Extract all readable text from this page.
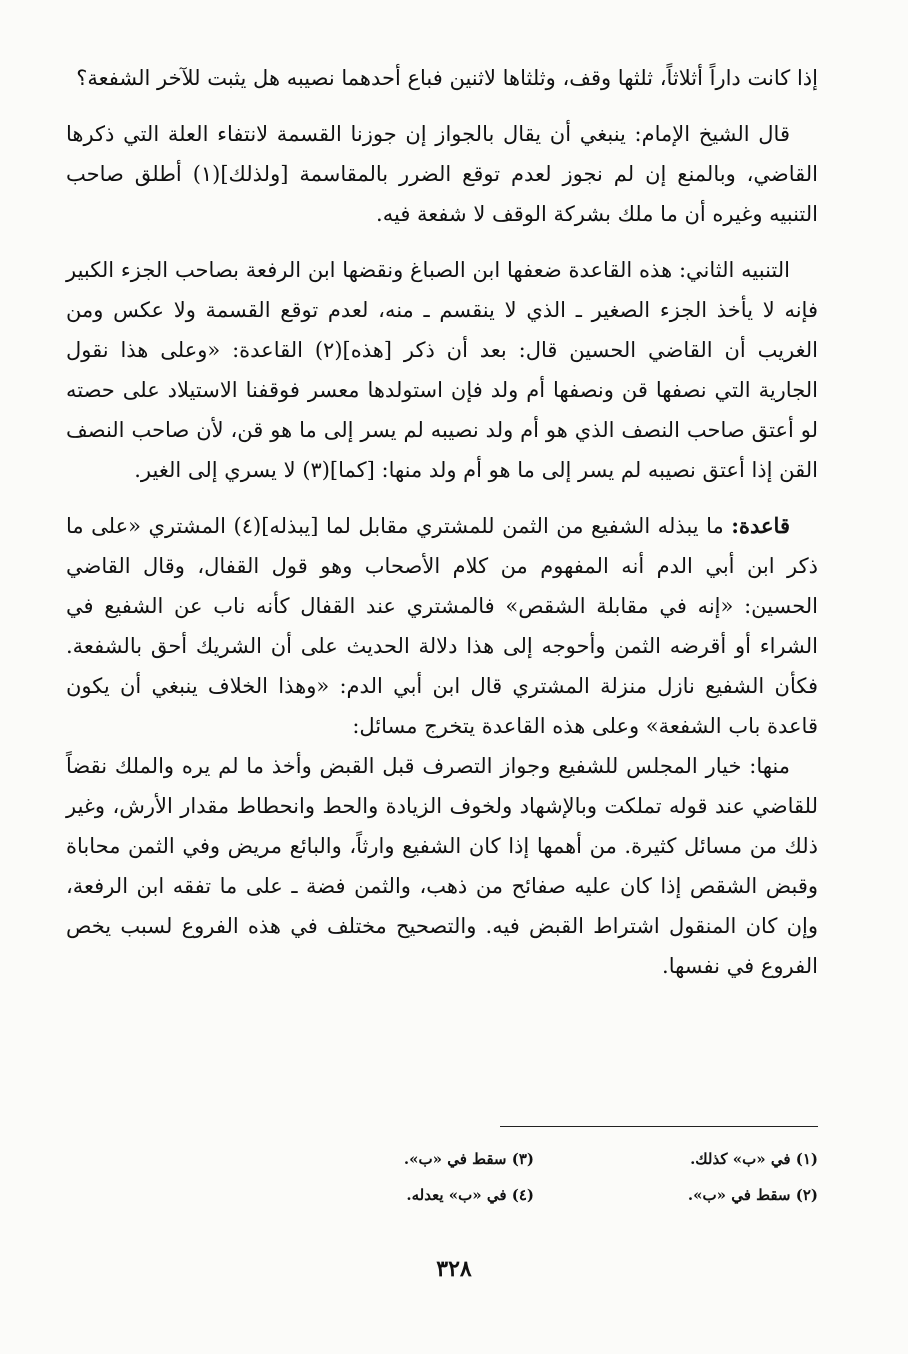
إذا كانت داراً أثلاثاً، ثلثها وقف، وثلثاها لاثنين فباع أحدهما نصيبه هل يثبت للآخر الشفعة؟

قال الشيخ الإمام: ينبغي أن يقال بالجواز إن جوزنا القسمة لانتفاء العلة التي ذكرها القاضي، وبالمنع إن لم نجوز لعدم توقع الضرر بالمقاسمة [ولذلك](١) أطلق صاحب التنبيه وغيره أن ما ملك بشركة الوقف لا شفعة فيه.

التنبيه الثاني: هذه القاعدة ضعفها ابن الصباغ ونقضها ابن الرفعة بصاحب الجزء الكبير فإنه لا يأخذ الجزء الصغير ـ الذي لا ينقسم ـ منه، لعدم توقع القسمة ولا عكس ومن الغريب أن القاضي الحسين قال: بعد أن ذكر [هذه](٢) القاعدة: «وعلى هذا نقول الجارية التي نصفها قن ونصفها أم ولد فإن استولدها معسر فوقفنا الاستيلاد على حصته لو أعتق صاحب النصف الذي هو أم ولد نصيبه لم يسر إلى ما هو قن، لأن صاحب النصف القن إذا أعتق نصيبه لم يسر إلى ما هو أم ولد منها: [كما](٣) لا يسري إلى الغير.

قاعدة: ما يبذله الشفيع من الثمن للمشتري مقابل لما [يبذله](٤) المشتري «على ما ذكر ابن أبي الدم أنه المفهوم من كلام الأصحاب وهو قول القفال، وقال القاضي الحسين: «إنه في مقابلة الشقص» فالمشتري عند القفال كأنه ناب عن الشفيع في الشراء أو أقرضه الثمن وأحوجه إلى هذا دلالة الحديث على أن الشريك أحق بالشفعة. فكأن الشفيع نازل منزلة المشتري قال ابن أبي الدم: «وهذا الخلاف ينبغي أن يكون قاعدة باب الشفعة» وعلى هذه القاعدة يتخرج مسائل:

منها: خيار المجلس للشفيع وجواز التصرف قبل القبض وأخذ ما لم يره والملك نقضاً للقاضي عند قوله تملكت وبالإشهاد ولخوف الزيادة والحط وانحطاط مقدار الأرش، وغير ذلك من مسائل كثيرة. من أهمها إذا كان الشفيع وارثاً، والبائع مريض وفي الثمن محاباة وقبض الشقص إذا كان عليه صفائح من ذهب، والثمن فضة ـ على ما تفقه ابن الرفعة، وإن كان المنقول اشتراط القبض فيه. والتصحيح مختلف في هذه الفروع لسبب يخص الفروع في نفسها.

(١) في «ب» كذلك.
(٣) سقط في «ب».
(٢) سقط في «ب».
(٤) في «ب» يعدله.
٣٢٨
